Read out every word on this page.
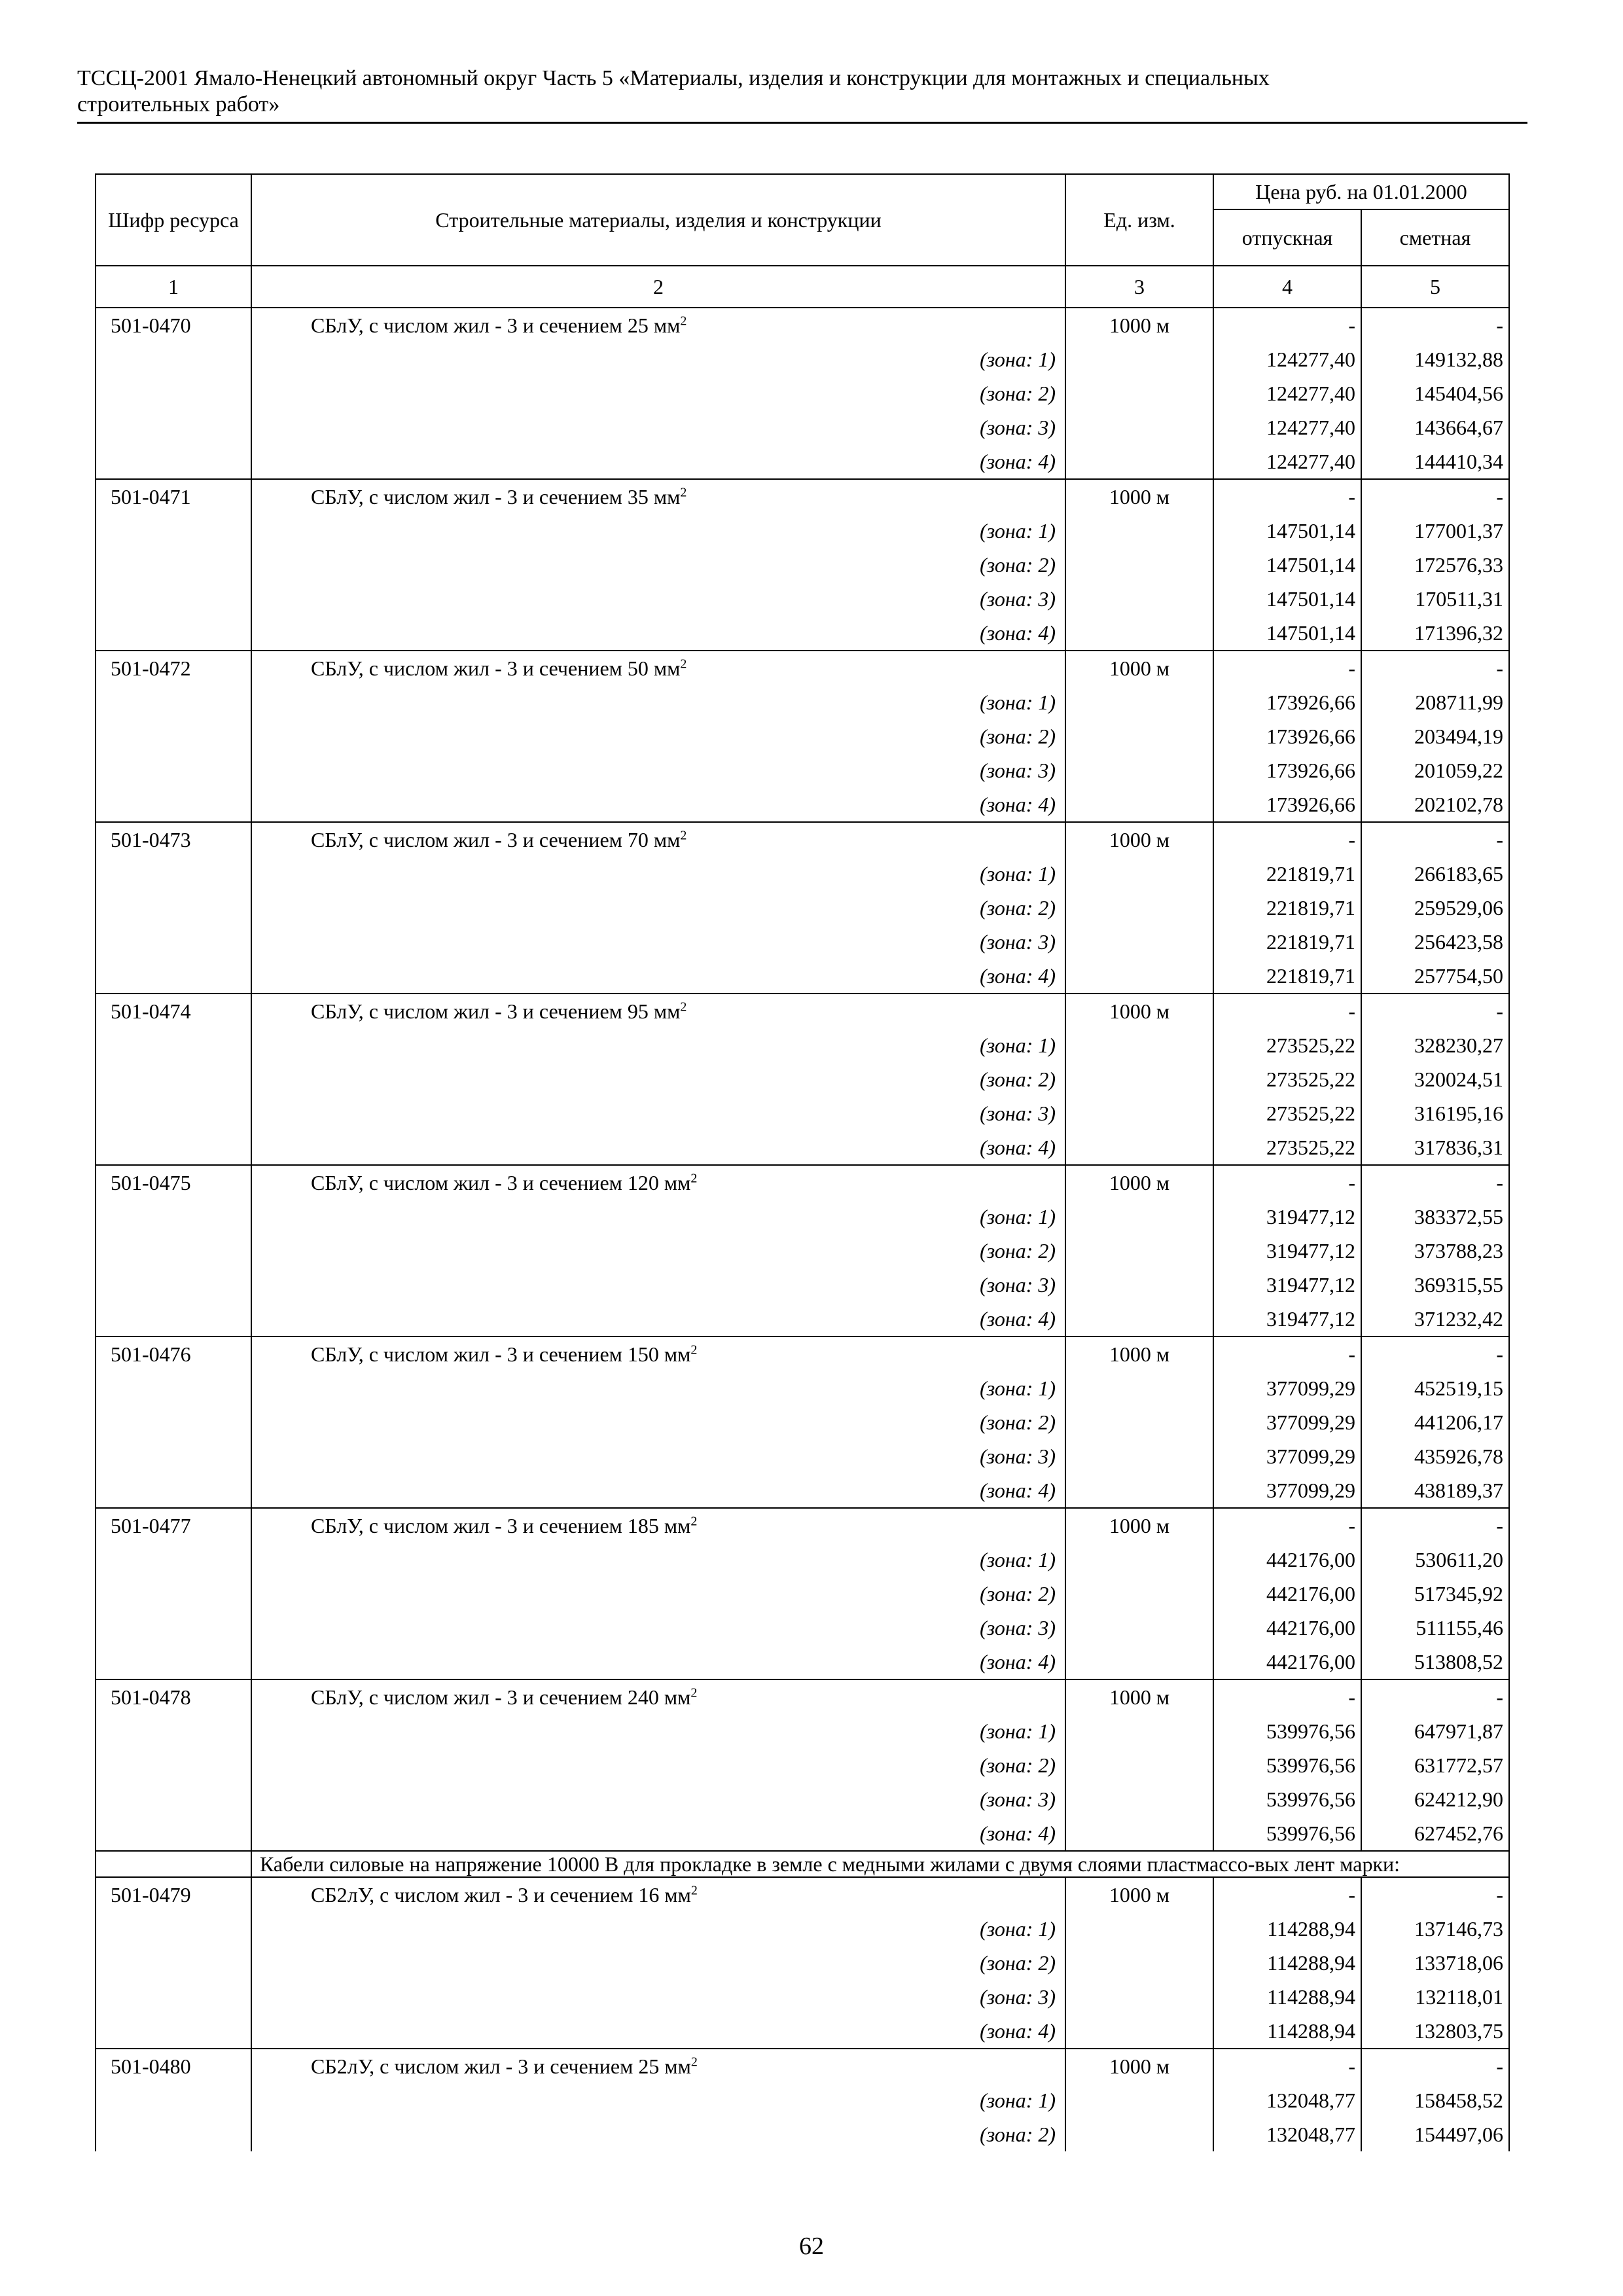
ТССЦ-2001 Ямало-Ненецкий автономный округ Часть 5 «Материалы, изделия и конструкции для монтажных и специальных
строительных работ»
Шифр ресурса	Строительные материалы, изделия и конструкции	Ед. изм.	Цена руб. на 01.01.2000	
			отпускная	сметная
1	2	3	4	5
501-0470	СБлУ, с числом жил - 3 и сечением 25 $мм^2$	1000 м	-	-
	(зона: 1)		124277,40	149132,88
	(зона: 2)		124277,40	145404,56
	(зона: 3)		124277,40	143664,67
	(зона: 4)		124277,40	144410,34
501-0471	СБлУ, с числом жил - 3 и сечением 35 $мм^2$	1000 м	-	-
	(зона: 1)		147501,14	177001,37
	(зона: 2)		147501,14	172576,33
	(зона: 3)		147501,14	170511,31
	(зона: 4)		147501,14	171396,32
501-0472	СБлУ, с числом жил - 3 и сечением 50 $мм^2$	1000 м	-	-
	(зона: 1)		173926,66	208711,99
	(зона: 2)		173926,66	203494,19
	(зона: 3)		173926,66	201059,22
	(зона: 4)		173926,66	202102,78
501-0473	СБлУ, с числом жил - 3 и сечением 70 $мм^2$	1000 м	-	-
	(зона: 1)		221819,71	266183,65
	(зона: 2)		221819,71	259529,06
	(зона: 3)		221819,71	256423,58
	(зона: 4)		221819,71	257754,50
501-0474	СБлУ, с числом жил - 3 и сечением 95 $мм^2$	1000 м	-	-
	(зона: 1)		273525,22	328230,27
	(зона: 2)		273525,22	320024,51
	(зона: 3)		273525,22	316195,16
	(зона: 4)		273525,22	317836,31
501-0475	СБлУ, с числом жил - 3 и сечением 120 $мм^2$	1000 м	-	-
	(зона: 1)		319477,12	383372,55
	(зона: 2)		319477,12	373788,23
	(зона: 3)		319477,12	369315,55
	(зона: 4)		319477,12	371232,42
501-0476	СБлУ, с числом жил - 3 и сечением 150 $мм^2$	1000 м	-	-
	(зона: 1)		377099,29	452519,15
	(зона: 2)		377099,29	441206,17
	(зона: 3)		377099,29	435926,78
	(зона: 4)		377099,29	438189,37
501-0477	СБлУ, с числом жил - 3 и сечением 185 $мм^2$	1000 м	-	-
	(зона: 1)		442176,00	530611,20
	(зона: 2)		442176,00	517345,92
	(зона: 3)		442176,00	511155,46
	(зона: 4)		442176,00	513808,52
501-0478	СБлУ, с числом жил - 3 и сечением 240 $мм^2$	1000 м	-	-
	(зона: 1)		539976,56	647971,87
	(зона: 2)		539976,56	631772,57
	(зона: 3)		539976,56	624212,90
	(зона: 4)		539976,56	627452,76
	Кабели силовые на напряжение 10000 В для прокладке в земле с медными жилами с двумя слоями пластмассо-вых лент марки:			
501-0479	СБ2лУ, с числом жил - 3 и сечением 16 $мм^2$	1000 м	-	-
	(зона: 1)		114288,94	137146,73
	(зона: 2)		114288,94	133718,06
	(зона: 3)		114288,94	132118,01
	(зона: 4)		114288,94	132803,75
501-0480	СБ2лУ, с числом жил - 3 и сечением 25 $мм^2$	1000 м	-	-
	(зона: 1)		132048,77	158458,52
	(зона: 2)		132048,77	154497,06
62
